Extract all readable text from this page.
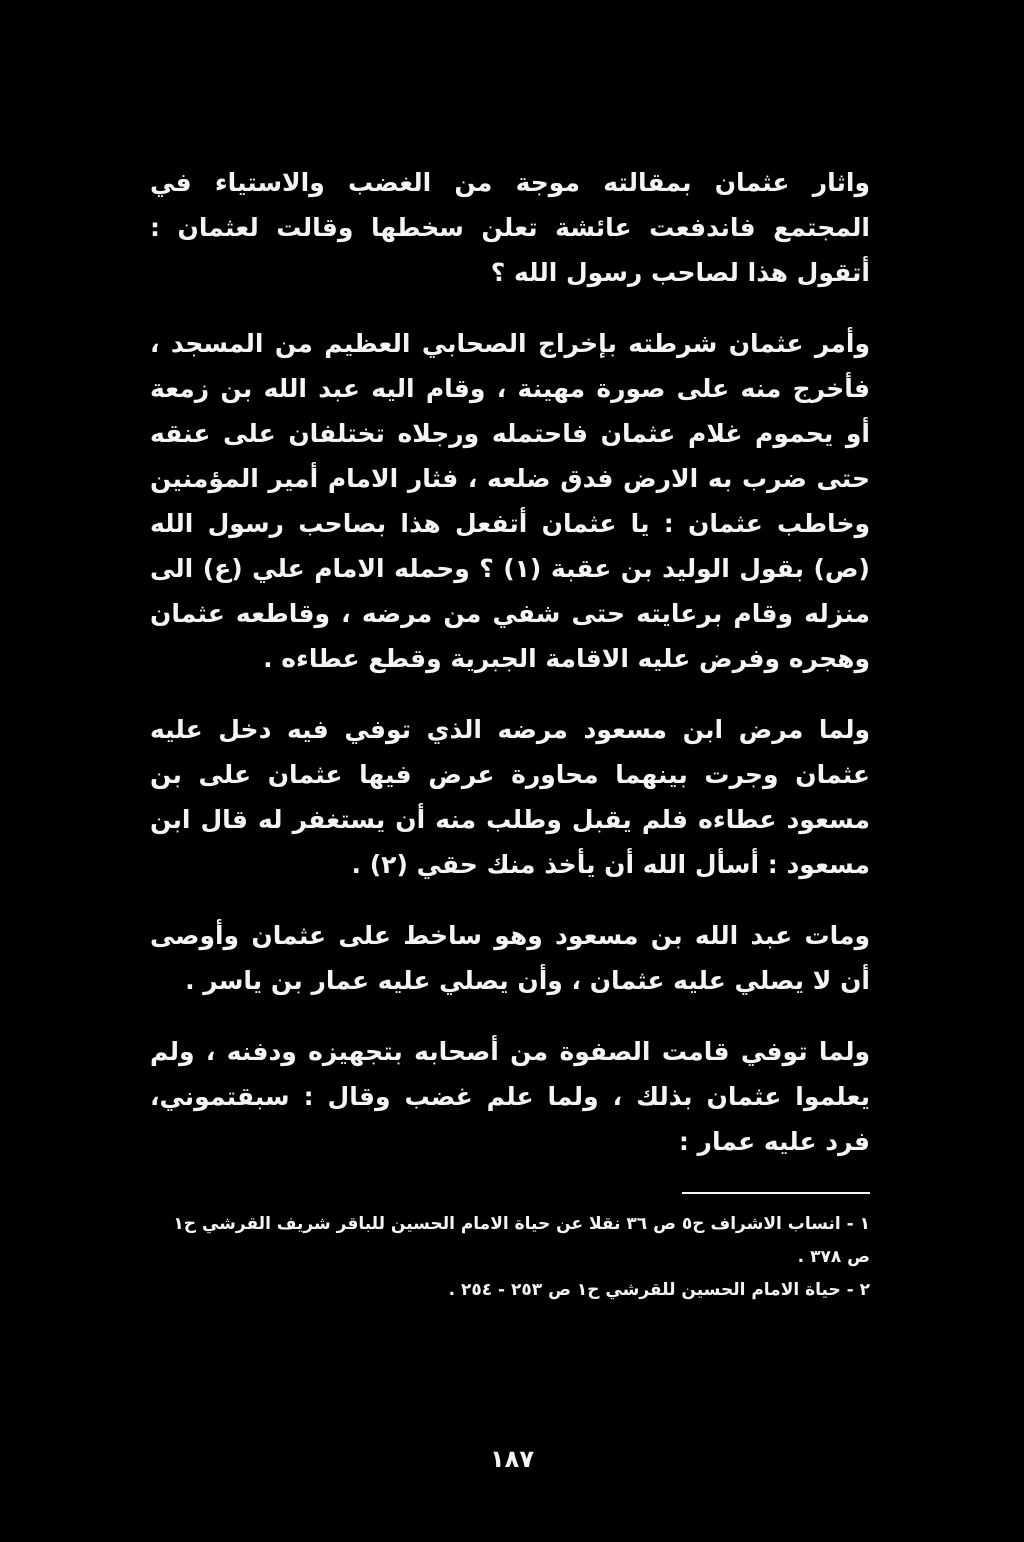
واثار عثمان بمقالته موجة من الغضب والاستياء في المجتمع فاندفعت عائشة تعلن سخطها وقالت لعثمان : أتقول هذا لصاحب رسول الله ؟

وأمر عثمان شرطته بإخراج الصحابي العظيم من المسجد ، فأخرج منه على صورة مهينة ، وقام اليه عبد الله بن زمعة أو يحموم غلام عثمان فاحتمله ورجلاه تختلفان على عنقه حتى ضرب به الارض فدق ضلعه ، فثار الامام أمير المؤمنين وخاطب عثمان : يا عثمان أتفعل هذا بصاحب رسول الله (ص) بقول الوليد بن عقبة (١) ؟ وحمله الامام علي (ع) الى منزله وقام برعايته حتى شفي من مرضه ، وقاطعه عثمان وهجره وفرض عليه الاقامة الجبرية وقطع عطاءه .

ولما مرض ابن مسعود مرضه الذي توفي فيه دخل عليه عثمان وجرت بينهما محاورة عرض فيها عثمان على بن مسعود عطاءه فلم يقبل وطلب منه أن يستغفر له قال ابن مسعود : أسأل الله أن يأخذ منك حقي (٢) .

ومات عبد الله بن مسعود وهو ساخط على عثمان وأوصى أن لا يصلي عليه عثمان ، وأن يصلي عليه عمار بن ياسر .

ولما توفي قامت الصفوة من أصحابه بتجهيزه ودفنه ، ولم يعلموا عثمان بذلك ، ولما علم غضب وقال : سبقتموني، فرد عليه عمار :

١ - انساب الاشراف ح٥ ص ٣٦ نقلا عن حياة الامام الحسين للباقر شريف القرشي ح١ ص ٣٧٨ .

٢ - حياة الامام الحسين للقرشي ح١ ص ٢٥٣ - ٢٥٤ .

١٨٧
